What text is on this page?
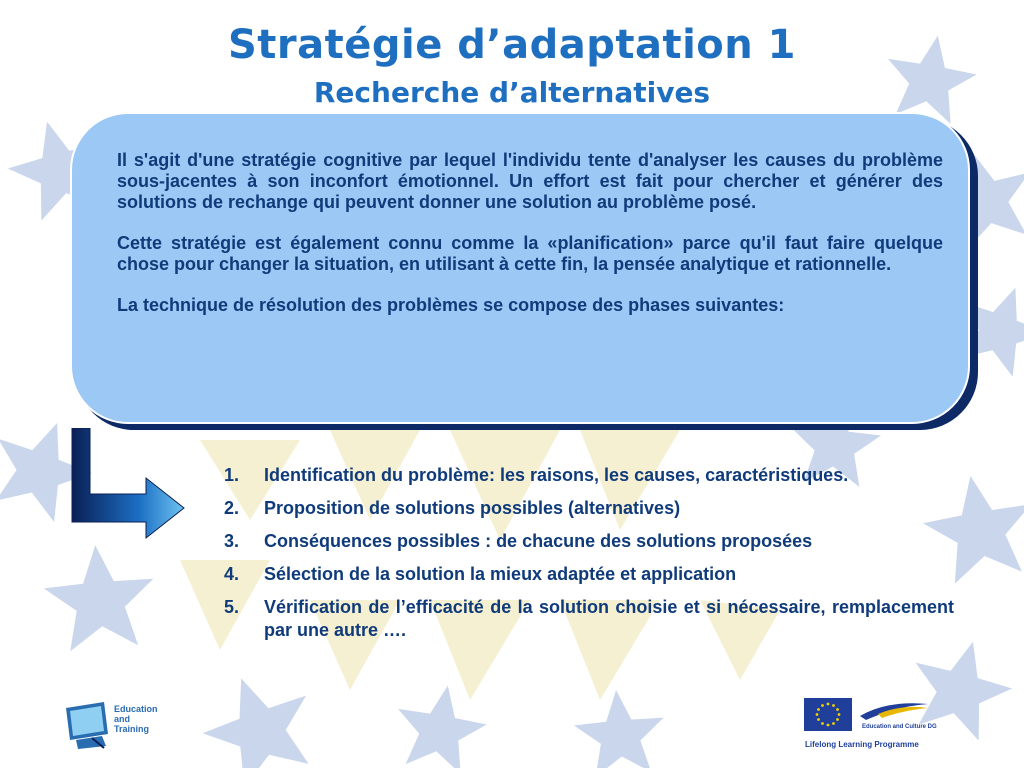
Stratégie d’adaptation 1
Recherche d’alternatives

Il s'agit d'une stratégie cognitive par lequel l'individu tente d'analyser les causes du problème sous-jacentes à son inconfort émotionnel. Un effort est fait pour chercher et générer des solutions de rechange qui peuvent donner une solution au problème posé.

Cette stratégie est également connu comme la «planification» parce qu'il faut faire quelque chose pour changer la situation, en utilisant à cette fin, la pensée analytique et rationnelle.

La technique de résolution des problèmes se compose des phases suivantes:

1.	Identification du problème: les raisons, les causes, caractéristiques.
2.	Proposition de solutions possibles (alternatives)
3.	Conséquences possibles : de chacune des solutions proposées
4.	Sélection de la solution la mieux adaptée et application
5.	Vérification de l’efficacité de la solution choisie et si nécessaire, remplacement par une autre ….
Education and Training	Education and Culture DG
Lifelong Learning Programme
